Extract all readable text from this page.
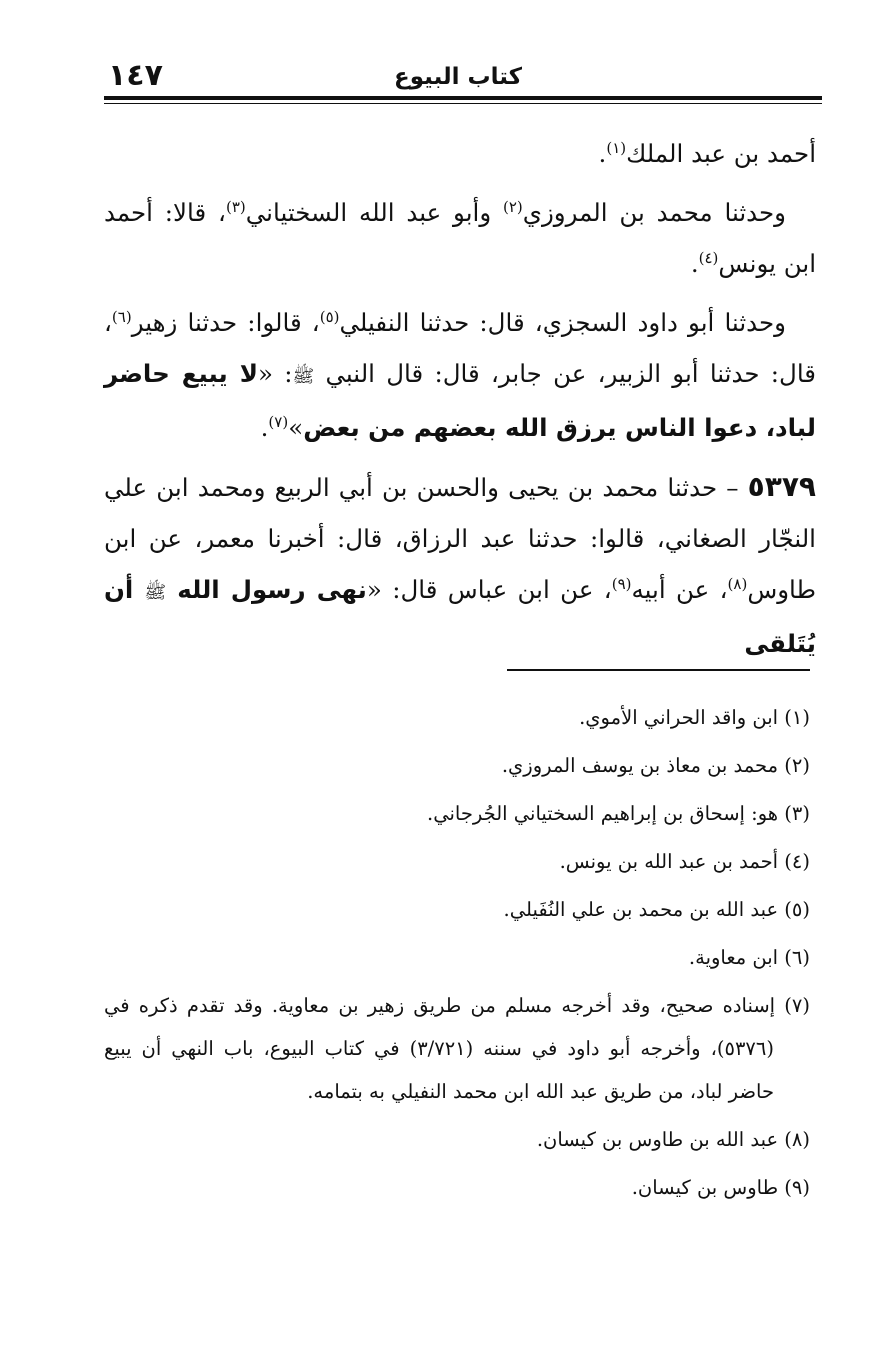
كتاب البيوع
١٤٧

أحمد بن عبد الملك$^{(١)}$.

وحدثنا محمد بن المروزي$^{(٢)}$ وأبو عبد الله السختياني$^{(٣)}$، قالا: أحمد ابن يونس$^{(٤)}$.

وحدثنا أبو داود السجزي، قال: حدثنا النفيلي$^{(٥)}$، قالوا: حدثنا زهير$^{(٦)}$، قال: حدثنا أبو الزبير، عن جابر، قال: قال النبي ﷺ: «لا يبيع حاضر لباد، دعوا الناس يرزق الله بعضهم من بعض»$^{(٧)}$.

٥٣٧٩ – حدثنا محمد بن يحيى والحسن بن أبي الربيع ومحمد ابن علي النجّار الصغاني، قالوا: حدثنا عبد الرزاق، قال: أخبرنا معمر، عن ابن طاوس$^{(٨)}$، عن أبيه$^{(٩)}$، عن ابن عباس قال: «نهى رسول الله ﷺ أن يُتَلقى

(١) ابن واقد الحراني الأموي.

(٢) محمد بن معاذ بن يوسف المروزي.

(٣) هو: إسحاق بن إبراهيم السختياني الجُرجاني.

(٤) أحمد بن عبد الله بن يونس.

(٥) عبد الله بن محمد بن علي النُفَيلي.

(٦) ابن معاوية.

(٧) إسناده صحيح، وقد أخرجه مسلم من طريق زهير بن معاوية. وقد تقدم ذكره في (٥٣٧٦)، وأخرجه أبو داود في سننه (٣/٧٢١) في كتاب البيوع، باب النهي أن يبيع حاضر لباد، من طريق عبد الله ابن محمد النفيلي به بتمامه.

(٨) عبد الله بن طاوس بن كيسان.

(٩) طاوس بن كيسان.
